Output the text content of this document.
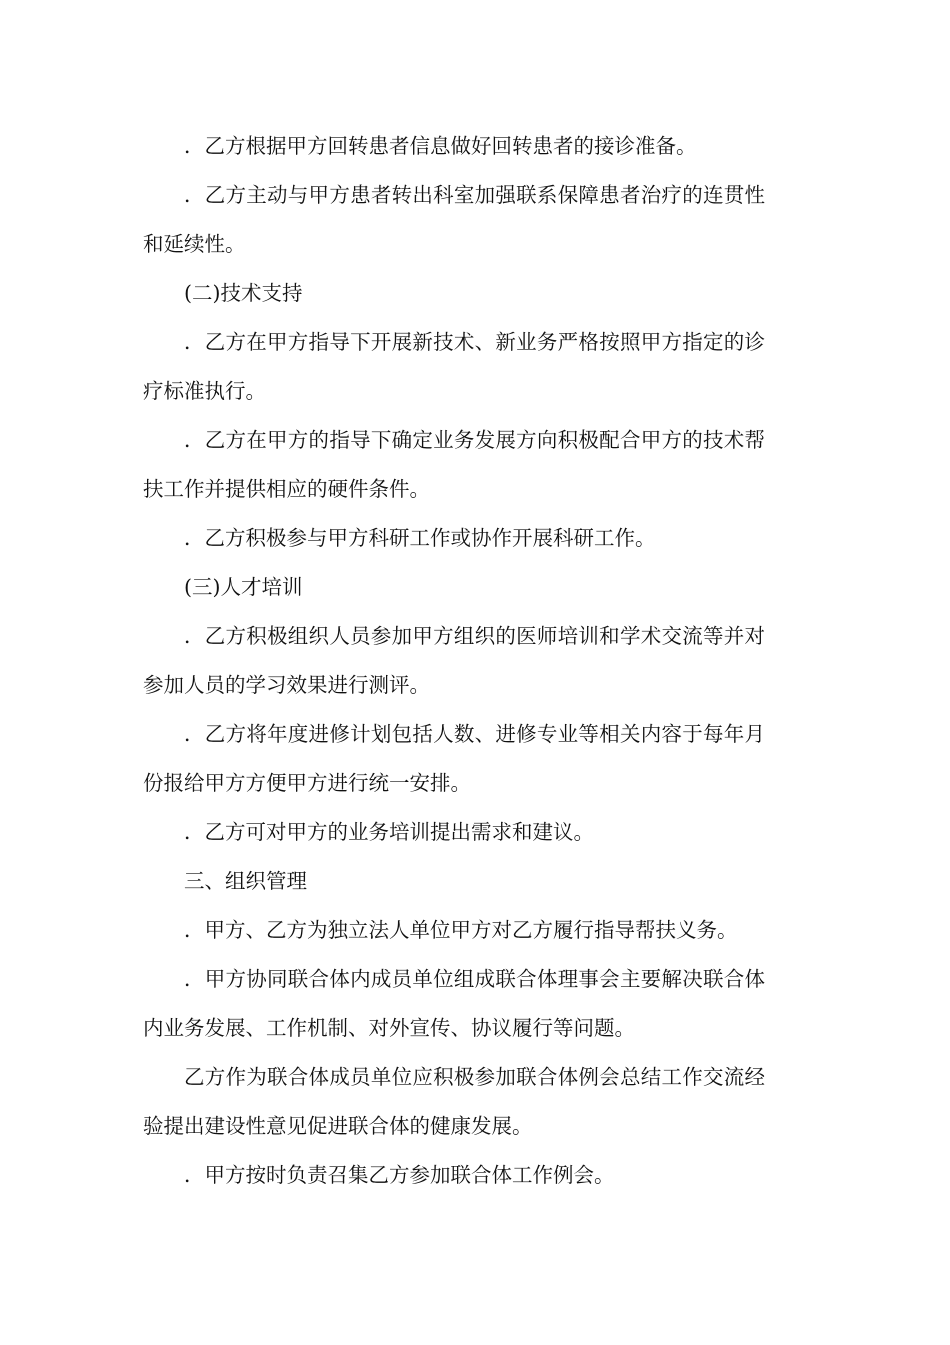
．乙方根据甲方回转患者信息做好回转患者的接诊准备。

．乙方主动与甲方患者转出科室加强联系保障患者治疗的连贯性和延续性。

(二)技术支持

．乙方在甲方指导下开展新技术、新业务严格按照甲方指定的诊疗标准执行。

．乙方在甲方的指导下确定业务发展方向积极配合甲方的技术帮扶工作并提供相应的硬件条件。

．乙方积极参与甲方科研工作或协作开展科研工作。

(三)人才培训

．乙方积极组织人员参加甲方组织的医师培训和学术交流等并对参加人员的学习效果进行测评。

．乙方将年度进修计划包括人数、进修专业等相关内容于每年月份报给甲方方便甲方进行统一安排。

．乙方可对甲方的业务培训提出需求和建议。

三、组织管理

．甲方、乙方为独立法人单位甲方对乙方履行指导帮扶义务。

．甲方协同联合体内成员单位组成联合体理事会主要解决联合体内业务发展、工作机制、对外宣传、协议履行等问题。

乙方作为联合体成员单位应积极参加联合体例会总结工作交流经验提出建设性意见促进联合体的健康发展。

．甲方按时负责召集乙方参加联合体工作例会。
